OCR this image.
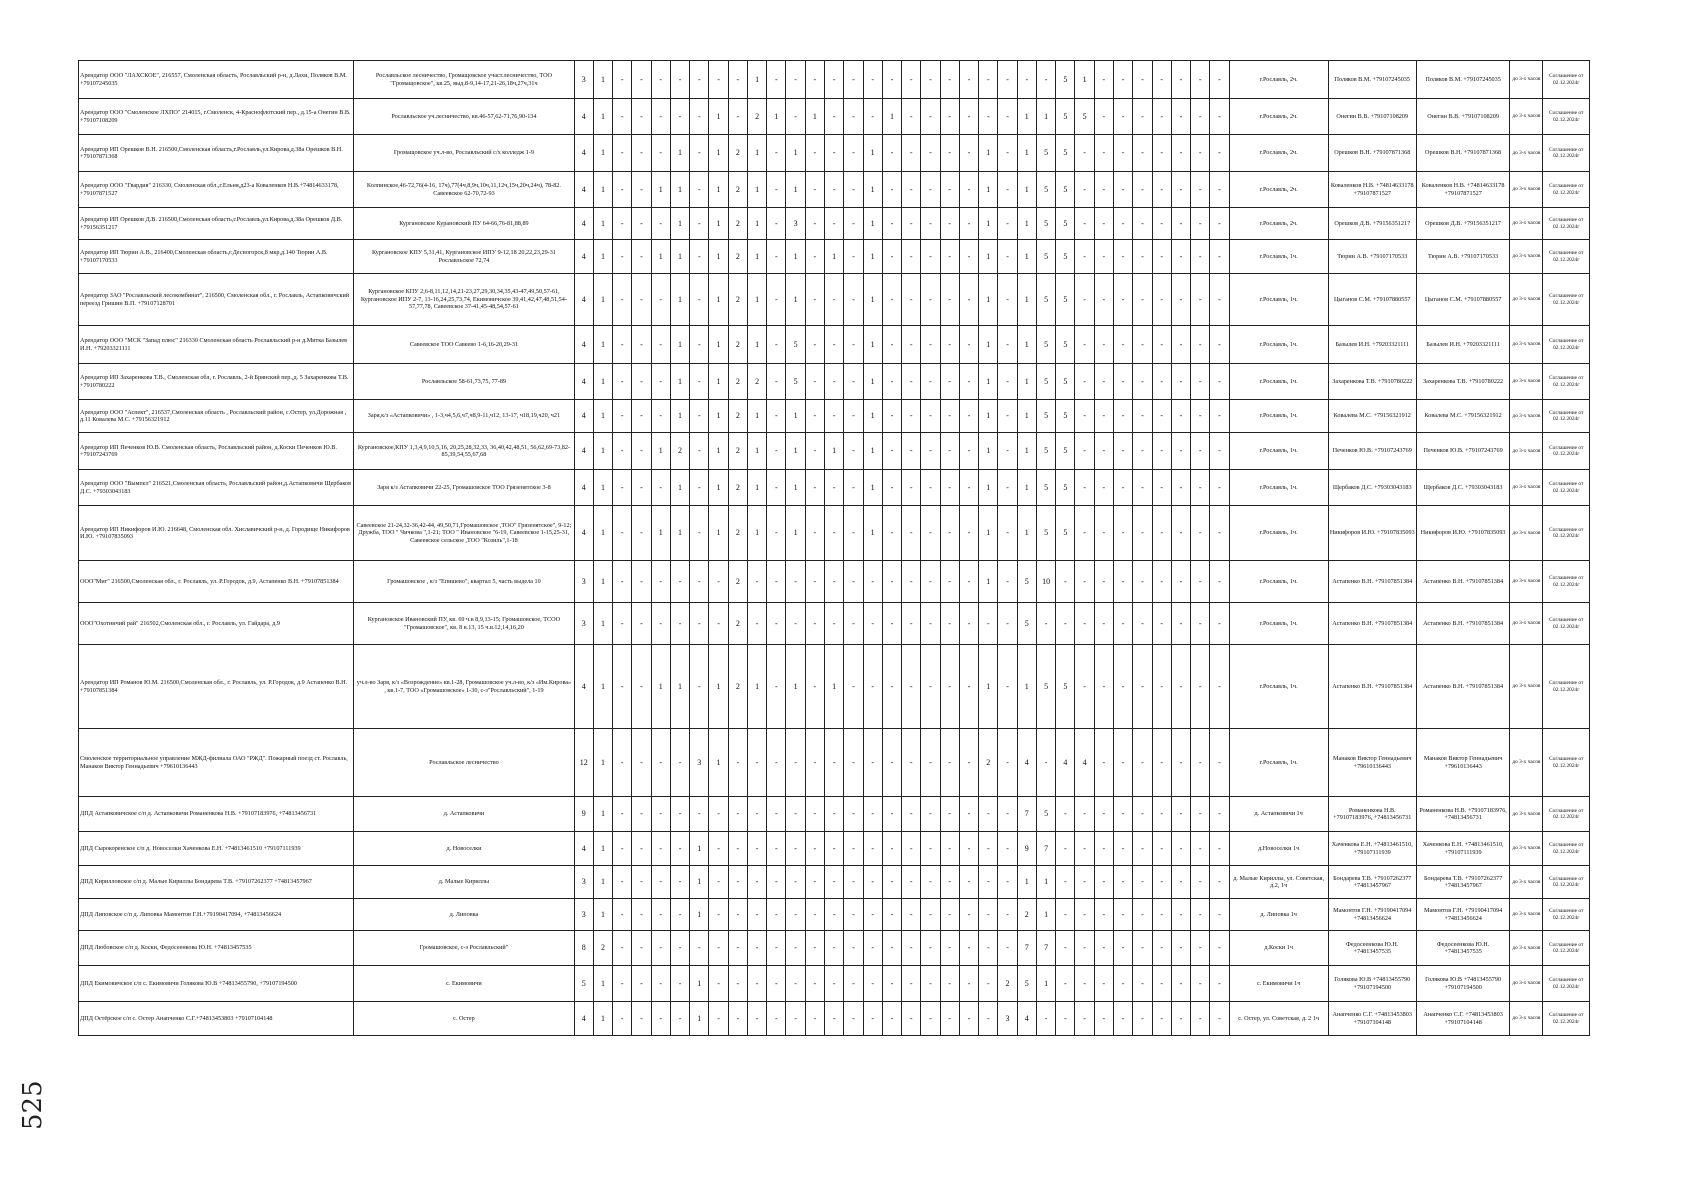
Арендатор ООО "ЛАХСКОЕ", 216557, Смоленская область, Рославльский р-н, д.Лахи, Поляков В.М. +79107245035	Рославльское лесничество, Громащовское участ.лесничество, ТОО "Громащовское", кв.25, выд.8-9,14-17,21-26,18ч,27ч,31ч	3	1	-	-	-	-	-	-	-	1	-	-	-	-	-	-	-	-	-	-	-	-	-	-	-	5	1	-	-	-	-	-	-	-	г.Рославль, 2ч.	Поляков В.М. +79107245035	Поляков В.М. +79107245035	до 3-х часов	Соглашение от 02.12.2024г
Арендатор ООО "Смоленское ЛХПО" 214015, г.Смоленск, 4-Краснофлотский пер., д.15-а Онегин В.В. +79107108209	Рославльское уч.лесничество, кв.46-57,62-71,76,90-134	4	1	-	-	-	-	-	1	-	2	1	-	1	-	-	-	1	-	-	-	-	-	-	1	1	5	5	-	-	-	-	-	-	-	г.Рославль, 2ч.	Онегин В.В. +79107108209	Онегин В.В. +79107108209	до 3-х часов	Соглашение от 02.12.2024г
Арендатор ИП Орешков В.Н. 216500,Смоленская область,г.Рославль,ул.Кирова,д.38а Орешков В.Н. +79107871368	Громащовское уч.л-во, Рославльский с/х колледж 1-9	4	1	-	-	-	1	-	1	2	1	-	1	-	-	-	1	-	-	-	-	-	1	-	1	5	5	-	-	-	-	-	-	-	-	г.Рославль, 2ч.	Орешков В.Н. +79107871368	Орешков В.Н. +79107871368	до 3-х часов	Соглашение от 02.12.2024г
Арендатор ООО "Гвардия" 216330, Смоленская обл.,г.Ельня,д23-а Коваленков Н.В.+74814633178, +79107871527	Колпинское,46-72,76(4-16, 17ч),77(4ч,8,9ч,10ч,11,12ч,15ч,20ч,24ч), 78-82. Савеевское 62-70,72-93	4	1	-	-	1	1	-	1	2	1	-	1	-	-	-	1	-	-	-	-	-	1	-	1	5	5	-	-	-	-	-	-	-	-	г.Рославль, 2ч.	Коваленков Н.В. +74814633178 +79107871527	Коваленков Н.В. +74814633178 +79107871527	до 3-х часов	Соглашение от 02.12.2024г
Арендатор ИП Орешков Д.В. 216500,Смоленская область,г.Рославль,ул.Кирова,д.38а Орешков Д.В. +79156351217	Кургановское Курановский ПУ 64-66,76-81,88,89	4	1	-	-	-	1	-	1	2	1	-	3	-	-	-	1	-	-	-	-	-	1	-	1	5	5	-	-	-	-	-	-	-	-	г.Рославль, 2ч.	Орешков Д.В. +79156351217	Орешков Д.В. +79156351217	до 3-х часов	Соглашение от 02.12.2024г
Арендатор ИП Тюрин А.В., 216400,Смоленская область,г.Десногорск,8 мкр,д.140 Тюрин А.В. +79107170533	Кургановское КПУ 5,31,41, Кургановское ИПУ 9-12,18 20,22,23,29-31 Рославльское 72,74	4	1	-	-	1	1	-	1	2	1	-	1	-	1	-	1	-	-	-	-	-	1	-	1	5	5	-	-	-	-	-	-	-	-	г.Рославль, 1ч.	Тюрин А.В. +79107170533	Тюрин А.В. +79107170533	до 3-х часов	Соглашение от 02.12.2024г
Арендатор ЗАО "Рославльский лесокомбинат", 216500, Смоленская обл., г. Рославль, Астапковичский переезд Гришин В.П. +79107128701	Кургановское КПУ 2,6-8,11,12,14,21-23,27,29,30,34,35,43-47,49,50,57-61, Кургановское ИПУ 2-7, 13-16,24,25,73,74, Екимовичское 39,41,42,47,48,51,54-57,77,78, Савеевское 37-41,45-48,54,57-61	4	1	-	-	-	1	-	1	2	1	-	1	-	-	-	1	-	-	-	-	-	1	-	1	5	5	-	-	-	-	-	-	-	-	г.Рославль, 1ч.	Цыганов С.М. +79107880557	Цыганов С.М. +79107880557	до 3-х часов	Соглашение от 02.12.2024г
Арендатор ООО "МСК "Запад плюс" 216330 Смоленская область Рославльский р-н д.Митка Базылев И.Н. +79203321111	Савеевское ТОО Савеево 1-6,16-20,29-31	4	1	-	-	-	1	-	1	2	1	-	5	-	-	-	1	-	-	-	-	-	1	-	1	5	5	-	-	-	-	-	-	-	-	г.Рославль, 1ч.	Базылев И.Н. +79203321111	Базылев И.Н. +79203321111	до 3-х часов	Соглашение от 02.12.2024г
Арендатор ИП Захаренкова Т.В., Смоленская обл, г. Рославль, 2-й Брянский пер.,д. 5 Захаренкова Т.В. +7910780222	Рославльское 58-61,73,75, 77-89	4	1	-	-	-	1	-	1	2	2	-	5	-	-	-	1	-	-	-	-	-	1	-	1	5	5	-	-	-	-	-	-	-	-	г.Рославль, 1ч.	Захаренкова Т.В. +7910780222	Захаренкова Т.В. +7910780222	до 3-х часов	Соглашение от 02.12.2024г
Арендатор ООО "Аспект", 216537,Смоленская область , Рославльский район, с.Остер, ул.Дорожная , д.11 Ковалева М.С. +79156321912	Заря,к/з «Астапковичи» , 1-3,ч4,5,6,ч7,ч8,9-11,ч12, 13-17, ч18,19,ч20, ч21	4	1	-	-	-	1	-	1	2	1	-	1	-	-	-	1	-	-	-	-	-	1	-	1	5	5	-	-	-	-	-	-	-	-	г.Рославль, 1ч.	Ковалева М.С. +79156321912	Ковалева М.С. +79156321912	до 3-х часов	Соглашение от 02.12.2024г
Арендатор ИП Печенков Ю.В. Смоленская область, Рославльский район, д.Коски Печенков Ю.В. +79107243769	Кургановское,КПУ 1,3,4,9,10,5,16, 20,25,28,32,33, 36,40,42,48,51, 56,62,69-73,82-85,39,54,55,67,68	4	1	-	-	1	2	-	1	2	1	-	1	-	1	-	1	-	-	-	-	-	1	-	1	5	5	-	-	-	-	-	-	-	-	г.Рославль, 1ч.	Печенков Ю.В. +79107243769	Печенков Ю.В. +79107243769	до 3-х часов	Соглашение от 02.12.2024г
Арендатор ООО "Вымпел" 216521,Смоленская область, Рославльский район,д.Астапковичи Щербаков Д.С. +79303043183	Заря к/з Астапковичи 22-25, Громашовское ТОО Грязенятское 3-8	4	1	-	-	-	1	-	1	2	1	-	1	-	-	-	1	-	-	-	-	-	1	-	1	5	5	-	-	-	-	-	-	-	-	г.Рославль, 1ч.	Щербаков Д.С. +79303043183	Щербаков Д.С. +79303043183	до 3-х часов	Соглашение от 02.12.2024г
Арендатор ИП Никифоров И.Ю. 216648, Смоленская обл. Хиславичский р-н, д. Городище Никифоров И.Ю. +79107835093	Савеевское 21-24,32-36,42-44, 49,50,71,Громашовское ,ТОО" Грязенятское", 9-12; Дружба, ТОО " Чичкова ",1-21; ТОО " Ивановское "6-19, Савеевское 1-15,25-31, Савеевское сельское ,ТОО "Козиль",1-18	4	1	-	-	1	1	-	1	2	1	-	1	-	-	-	1	-	-	-	-	-	1	-	1	5	5	-	-	-	-	-	-	-	-	г.Рославль, 1ч.	Никифоров И.Ю. +79107835093	Никифоров И.Ю. +79107835093	до 3-х часов	Соглашение от 02.12.2024г
ООО"Миг" 216500,Смоленская обл., г. Рославль, ул. Р.Городок, д.9, Астапенко В.Н. +79107851384	Громашовское , к/з "Епишево", квартал 5, часть выдела 10	3	1	-	-	-	-	-	-	2	-	-	-	-	-	-	-	-	-	-	-	-	1	-	5	10	-	-	-	-	-	-	-	-	-	г.Рославль, 1ч.	Астапенко В.Н. +79107851384	Астапенко В.Н. +79107851384	до 3-х часов	Соглашение от 02.12.2024г
ООО"Охотничий рай" 216502,Смоленская обл., г. Рославль, ул. Гайдара, д.9	Кургановское Ивановский ПУ, кв. 69 ч.в 8,9,13-15; Громашовское, ТСОО "Громашовское", кв. 8 в.13, 15 ч.в.12,14,16,20	3	1	-	-	-	-	-	-	2	-	-	-	-	-	-	-	-	-	-	-	-	-	-	5	-	-	-	-	-	-	-	-	-	-	г.Рославль, 1ч.	Астапенко В.Н. +79107851384	Астапенко В.Н. +79107851384	до 3-х часов	Соглашение от 02.12.2024г
Арендатор ИП Романов Ю.М. 216500,Смоленская обл., г. Рославль, ул. Р.Городок, д.9 Астапенко В.Н. +79107851384	уч.л-во Заря, к/з «Возрождение» кв.1-28, Громашовское уч.л-во, к/з «Им.Кирова» , кв.1-7, ТОО «Громашовское» 1-30, с-з"Рославльский", 1-19	4	1	-	-	1	1	-	1	2	1	-	1	-	1	-	-	-	-	-	-	-	1	-	1	5	5	-	-	-	-	-	-	-	-	г.Рославль, 1ч.	Астапенко В.Н. +79107851384	Астапенко В.Н. +79107851384	до 3-х часов	Соглашение от 02.12.2024г
Смоленское территориальное управление МЖД-филиала ОАО "РЖД". Пожарный поезд ст. Рославль, Манаков Виктор Геннадьевич +79610136443	Рославльское лесничество	12	1	-	-	-	-	3	1	-	-	-	-	-	-	-	-	-	-	-	-	-	2	-	4	-	4	4	-	-	-	-	-	-	-	г.Рославль, 1ч.	Манаков Виктор Геннадьевич +79610136443	Манаков Виктор Геннадьевич +79610136443	до 3-х часов	Соглашение от 02.12.2024г
ДПД Астапковичское с/п д. Астапковичи Романенкова Н.В. +79107183976, +74813456731	д. Астапковичи	9	1	-	-	-	-	-	-	-	-	-	-	-	-	-	-	-	-	-	-	-	-	-	7	5	-	-	-	-	-	-	-	-	-	д. Астапковичи 1ч	Романенкова Н.В. +79107183976, +74813456731	Романенкова Н.В. +79107183976, +74813456731	до 3-х часов	Соглашение от 02.12.2024г
ДПД Сырокоренское с/п д. Новоселки Хаченкова Е.Н. +74813461510 +79107111939	д. Новоселки	4	1	-	-	-	-	1	-	-	-	-	-	-	-	-	-	-	-	-	-	-	-	-	9	7	-	-	-	-	-	-	-	-	-	д.Новоселки 1ч	Хаченкова Е.Н. +74813461510, +79107111939	Хаченкова Е.Н. +74813461510, +79107111939	до 3-х часов	Соглашение от 02.12.2024г
ДПД Кирилловское с/п д. Малые Кириллы Бондарева Т.В. +79107262377 +74813457967	д. Малые Кириллы	3	1	-	-	-	-	1	-	-	-	-	-	-	-	-	-	-	-	-	-	-	-	-	1	1	-	-	-	-	-	-	-	-	-	д. Малые Кириллы, ул. Советская, д.2, 1ч	Бондарева Т.В. +79107262377 +74813457967	Бондарева Т.В. +79107262377 +74813457967	до 3-х часов	Соглашение от 02.12.2024г
ДПД Липовское с/п д. Липовка Мамонтов Г.Н.+79190417094, +74813456624	д. Липовка	3	1	-	-	-	-	1	-	-	-	-	-	-	-	-	-	-	-	-	-	-	-	-	2	1	-	-	-	-	-	-	-	-	-	д. Липовка 1ч	Мамонтов Г.Н. +79190417094 +74813456624	Мамонтов Г.Н. +79190417094 +74813456624	до 3-х часов	Соглашение от 02.12.2024г
ДПД Любовское с/п д. Коски, Федосеенкова Ю.Н. +74813457535	Громашовское, с-з Рославльский"	8	2	-	-	-	-	-	-	-	-	-	-	-	-	-	-	-	-	-	-	-	-	-	7	7	-	-	-	-	-	-	-	-	-	д.Коски 1ч	Федосеенкова Ю.Н. +74813457535	Федосеенкова Ю.Н. +74813457535	до 3-х часов	Соглашение от 02.12.2024г
ДПД Екимовичское с/п с. Екимовичи Голякова Ю.В +74813455790, +79107194500	с. Екимовичи	5	1	-	-	-	-	1	-	-	-	-	-	-	-	-	-	-	-	-	-	-	-	2	5	1	-	-	-	-	-	-	-	-	-	с. Екимовичи 1ч	Голякова Ю.В +74813455790 +79107194500	Голякова Ю.В +74813455790 +79107194500	до 3-х часов	Соглашение от 02.12.2024г
ДПД Остёрское с/п с. Остер Анапченко С.Г.+74813453803 +79107104148	с. Остер	4	1	-	-	-	-	1	-	-	-	-	-	-	-	-	-	-	-	-	-	-	-	3	4	-	-	-	-	-	-	-	-	-	-	с. Остер, ул. Советская, д. 2 1ч	Анапченко С.Г. +74813453803 +79107104148	Анапченко С.Г. +74813453803 +79107104148	до 3-х часов	Соглашение от 02.12.2024г
525
